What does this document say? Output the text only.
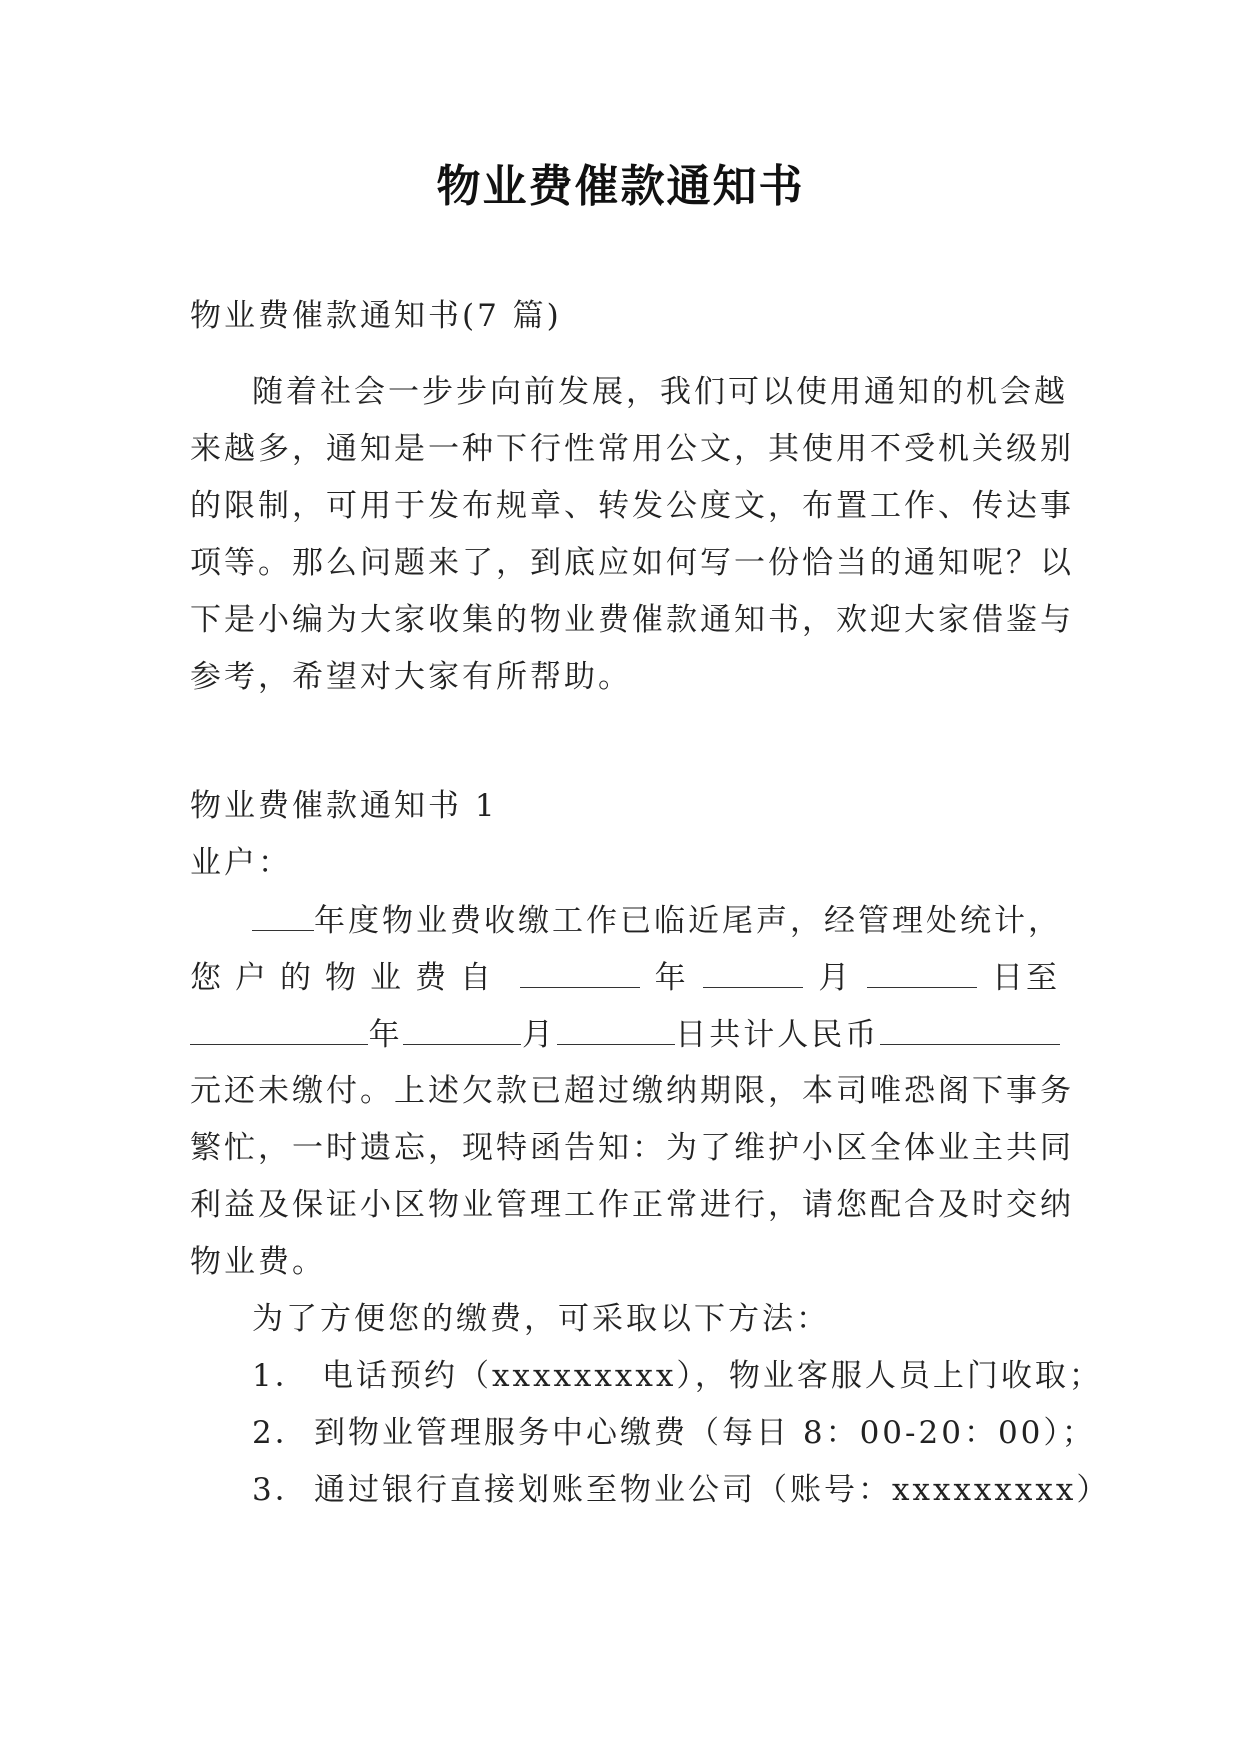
物业费催款通知书
物业费催款通知书(7 篇)
随着社会一步步向前发展，我们可以使用通知的机会越
来越多，通知是一种下行性常用公文，其使用不受机关级别
的限制，可用于发布规章、转发公度文，布置工作、传达事
项等。那么问题来了，到底应如何写一份恰当的通知呢？以
下是小编为大家收集的物业费催款通知书，欢迎大家借鉴与
参考，希望对大家有所帮助。
物业费催款通知书 1
业户：
年度物业费收缴工作已临近尾声，经管理处统计，
您户的物业费自	年	月	日至
年	月	日共计人民币
元还未缴付。上述欠款已超过缴纳期限，本司唯恐阁下事务
繁忙，一时遗忘，现特函告知：为了维护小区全体业主共同
利益及保证小区物业管理工作正常进行，请您配合及时交纳
物业费。
为了方便您的缴费，可采取以下方法：
1． 电话预约（xxxxxxxxx），物业客服人员上门收取；
2． 到物业管理服务中心缴费（每日 8：00-20：00）；
3． 通过银行直接划账至物业公司（账号：xxxxxxxxx）
